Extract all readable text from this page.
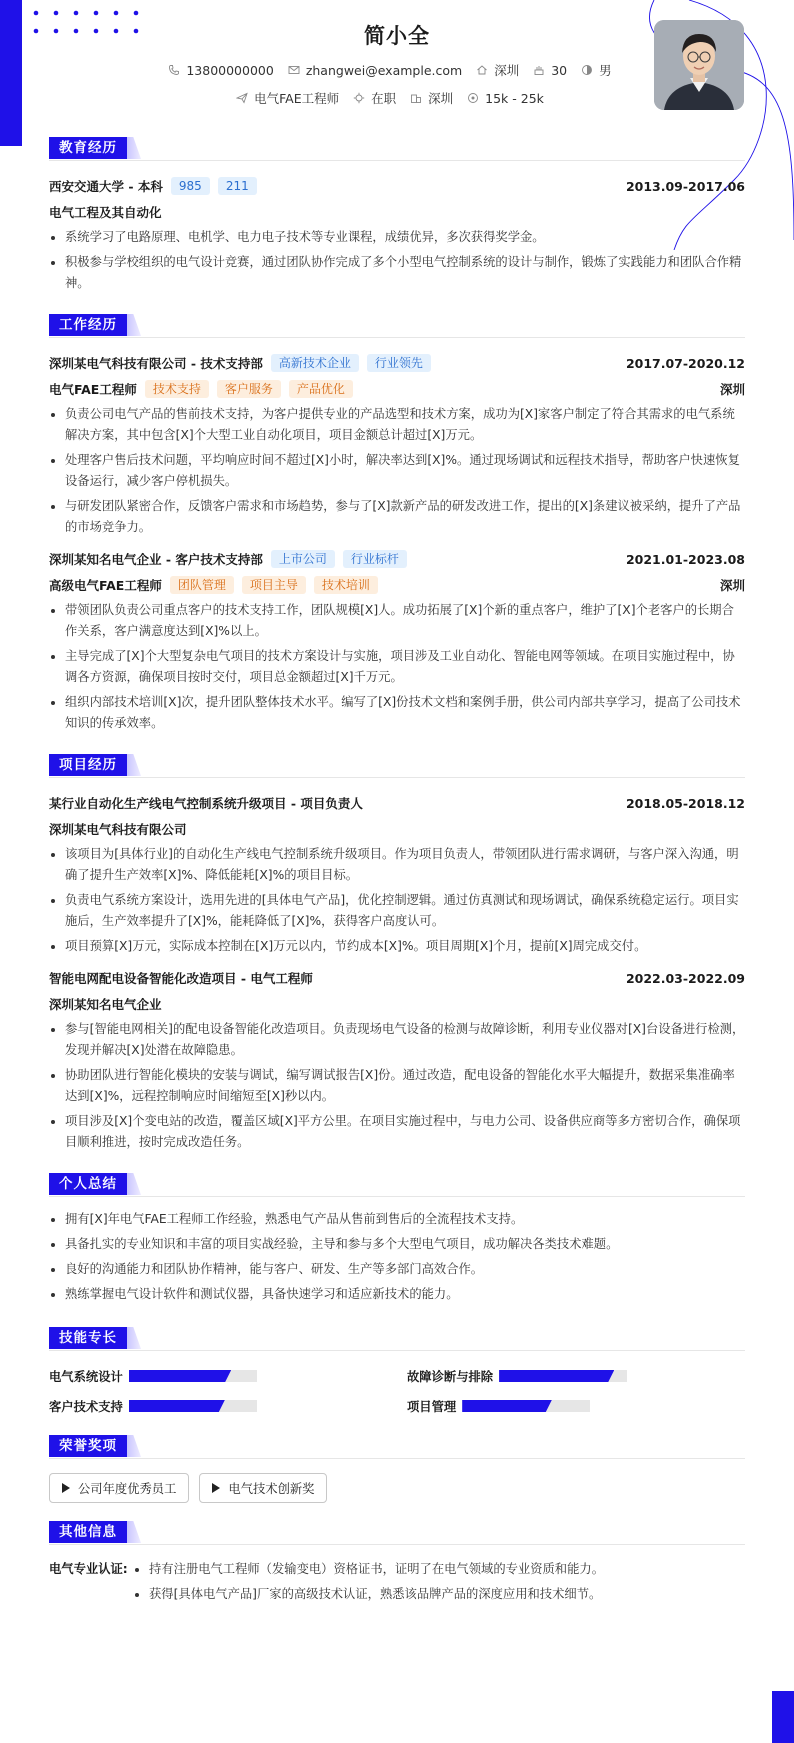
简小全
13800000000	zhangwei@example.com	深圳	30	男
电气FAE工程师	在职	深圳	15k - 25k
教育经历
西安交通大学 - 本科	985	211	2013.09-2017.06
电气工程及其自动化
系统学习了电路原理、电机学、电力电子技术等专业课程，成绩优异，多次获得奖学金。
积极参与学校组织的电气设计竞赛，通过团队协作完成了多个小型电气控制系统的设计与制作，锻炼了实践能力和团队合作精神。
工作经历
深圳某电气科技有限公司 - 技术支持部	高新技术企业	行业领先	2017.07-2020.12
电气FAE工程师	技术支持	客户服务	产品优化	深圳
负责公司电气产品的售前技术支持，为客户提供专业的产品选型和技术方案，成功为[X]家客户制定了符合其需求的电气系统解决方案，其中包含[X]个大型工业自动化项目，项目金额总计超过[X]万元。
处理客户售后技术问题，平均响应时间不超过[X]小时，解决率达到[X]%。通过现场调试和远程技术指导，帮助客户快速恢复设备运行，减少客户停机损失。
与研发团队紧密合作，反馈客户需求和市场趋势，参与了[X]款新产品的研发改进工作，提出的[X]条建议被采纳，提升了产品的市场竞争力。
深圳某知名电气企业 - 客户技术支持部	上市公司	行业标杆	2021.01-2023.08
高级电气FAE工程师	团队管理	项目主导	技术培训	深圳
带领团队负责公司重点客户的技术支持工作，团队规模[X]人。成功拓展了[X]个新的重点客户，维护了[X]个老客户的长期合作关系，客户满意度达到[X]%以上。
主导完成了[X]个大型复杂电气项目的技术方案设计与实施，项目涉及工业自动化、智能电网等领域。在项目实施过程中，协调各方资源，确保项目按时交付，项目总金额超过[X]千万元。
组织内部技术培训[X]次，提升团队整体技术水平。编写了[X]份技术文档和案例手册，供公司内部共享学习，提高了公司技术知识的传承效率。
项目经历
某行业自动化生产线电气控制系统升级项目 - 项目负责人	2018.05-2018.12
深圳某电气科技有限公司
该项目为[具体行业]的自动化生产线电气控制系统升级项目。作为项目负责人，带领团队进行需求调研，与客户深入沟通，明确了提升生产效率[X]%、降低能耗[X]%的项目目标。
负责电气系统方案设计，选用先进的[具体电气产品]，优化控制逻辑。通过仿真测试和现场调试，确保系统稳定运行。项目实施后，生产效率提升了[X]%，能耗降低了[X]%，获得客户高度认可。
项目预算[X]万元，实际成本控制在[X]万元以内，节约成本[X]%。项目周期[X]个月，提前[X]周完成交付。
智能电网配电设备智能化改造项目 - 电气工程师	2022.03-2022.09
深圳某知名电气企业
参与[智能电网相关]的配电设备智能化改造项目。负责现场电气设备的检测与故障诊断，利用专业仪器对[X]台设备进行检测，发现并解决[X]处潜在故障隐患。
协助团队进行智能化模块的安装与调试，编写调试报告[X]份。通过改造，配电设备的智能化水平大幅提升，数据采集准确率达到[X]%，远程控制响应时间缩短至[X]秒以内。
项目涉及[X]个变电站的改造，覆盖区域[X]平方公里。在项目实施过程中，与电力公司、设备供应商等多方密切合作，确保项目顺利推进，按时完成改造任务。
个人总结
拥有[X]年电气FAE工程师工作经验，熟悉电气产品从售前到售后的全流程技术支持。
具备扎实的专业知识和丰富的项目实战经验，主导和参与多个大型电气项目，成功解决各类技术难题。
良好的沟通能力和团队协作精神，能与客户、研发、生产等多部门高效合作。
熟练掌握电气设计软件和测试仪器，具备快速学习和适应新技术的能力。
技能专长
电气系统设计	故障诊断与排除
客户技术支持	项目管理
荣誉奖项
公司年度优秀员工	电气技术创新奖
其他信息
电气专业认证:	持有注册电气工程师（发输变电）资格证书，证明了在电气领域的专业资质和能力。
获得[具体电气产品]厂家的高级技术认证，熟悉该品牌产品的深度应用和技术细节。
